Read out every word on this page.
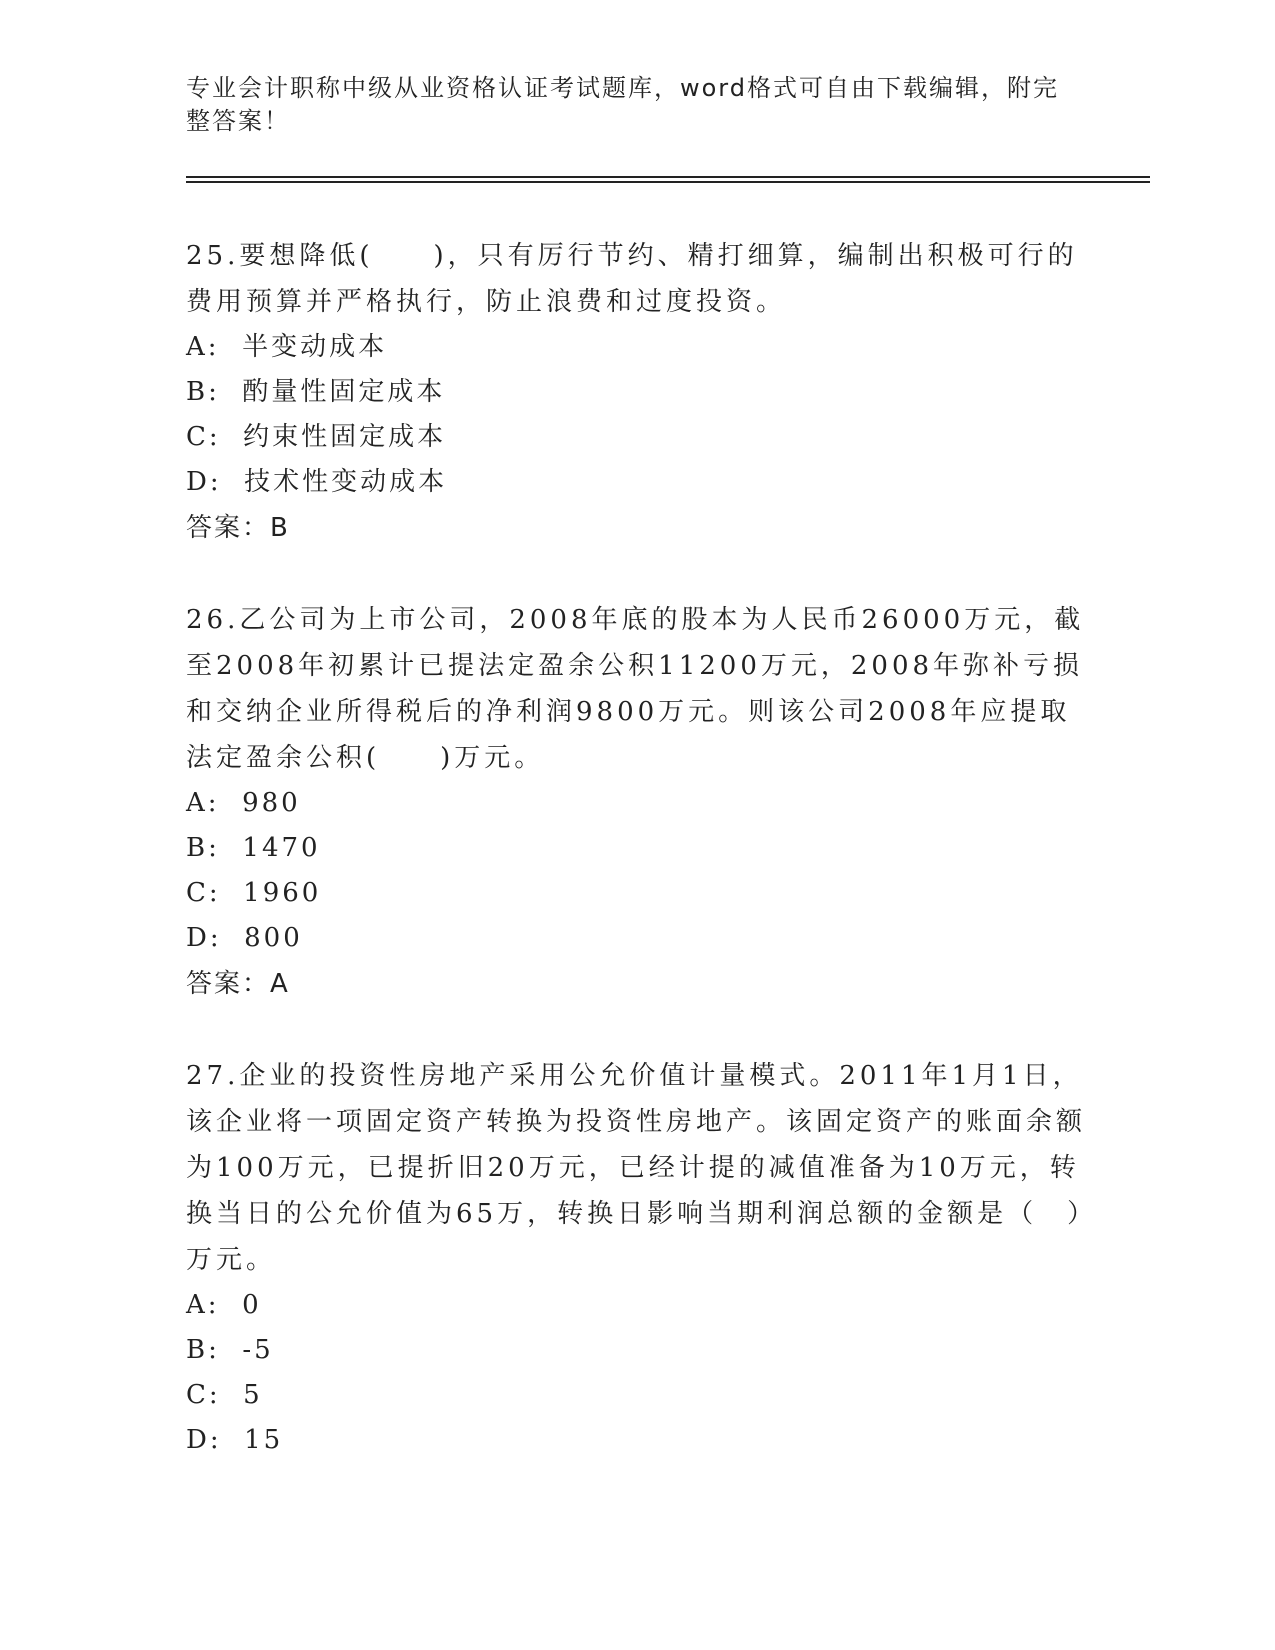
专业会计职称中级从业资格认证考试题库，word格式可自由下载编辑，附完整答案！

25.要想降低(　　)，只有厉行节约、精打细算，编制出积极可行的费用预算并严格执行，防止浪费和过度投资。

A:  半变动成本

B:  酌量性固定成本

C:  约束性固定成本

D:  技术性变动成本

答案：B

26.乙公司为上市公司，2008年底的股本为人民币26000万元，截至2008年初累计已提法定盈余公积11200万元，2008年弥补亏损和交纳企业所得税后的净利润9800万元。则该公司2008年应提取法定盈余公积(　　)万元。

A:  980

B:  1470

C:  1960

D:  800

答案：A

27.企业的投资性房地产采用公允价值计量模式。2011年1月1日，该企业将一项固定资产转换为投资性房地产。该固定资产的账面余额为100万元，已提折旧20万元，已经计提的减值准备为10万元，转换当日的公允价值为65万，转换日影响当期利润总额的金额是（　）万元。

A:  0

B:  -5

C:  5

D:  15
